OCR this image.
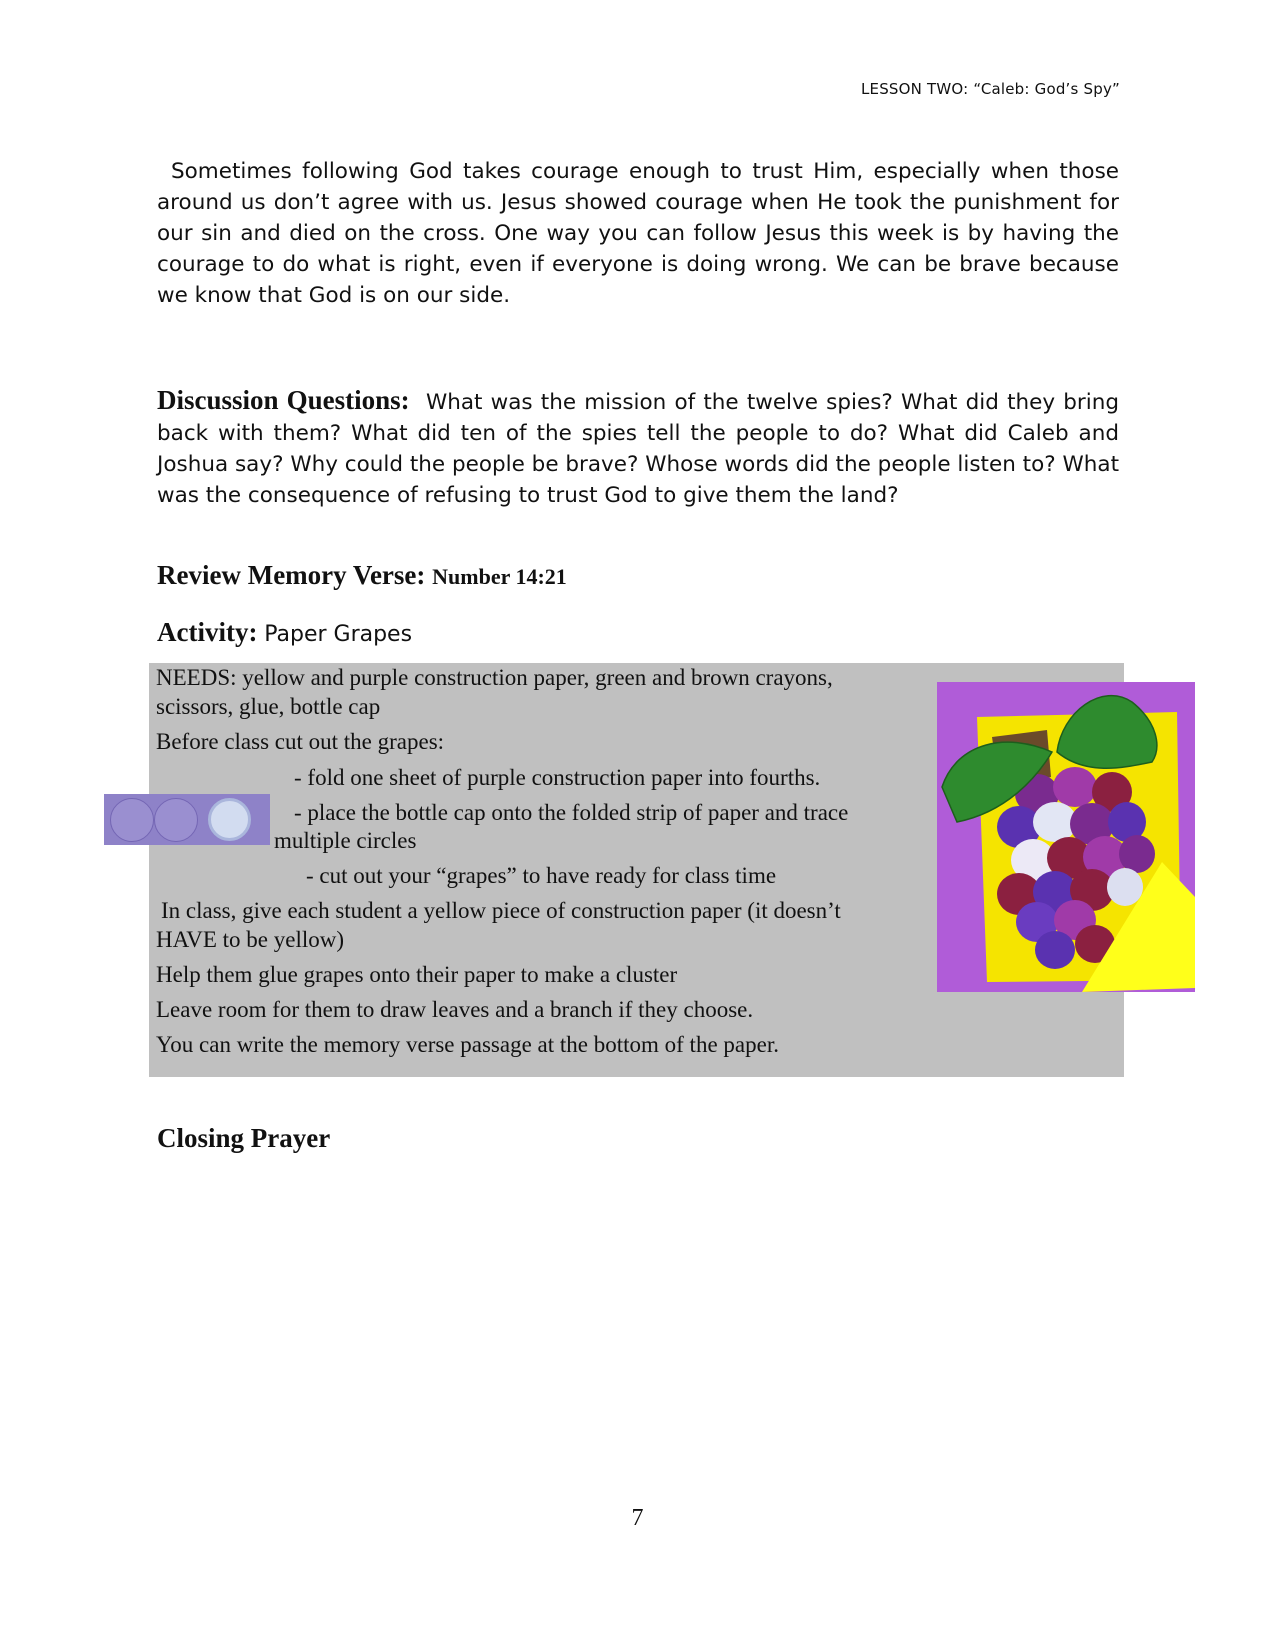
LESSON TWO: “Caleb: God’s Spy”
Sometimes following God takes courage enough to trust Him, especially when those around us don’t agree with us. Jesus showed courage when He took the punishment for our sin and died on the cross. One way you can follow Jesus this week is by having the courage to do what is right, even if everyone is doing wrong. We can be brave because we know that God is on our side.
Discussion Questions: What was the mission of the twelve spies? What did they bring back with them? What did ten of the spies tell the people to do? What did Caleb and Joshua say? Why could the people be brave? Whose words did the people listen to? What was the consequence of refusing to trust God to give them the land?
Review Memory Verse: Number 14:21
Activity: Paper Grapes
NEEDS: yellow and purple construction paper, green and brown crayons,
scissors, glue, bottle cap
Before class cut out the grapes:
- fold one sheet of purple construction paper into fourths.
- place the bottle cap onto the folded strip of paper and trace
multiple circles
- cut out your “grapes” to have ready for class time
In class, give each student a yellow piece of construction paper (it doesn’t
HAVE to be yellow)
Help them glue grapes onto their paper to make a cluster
Leave room for them to draw leaves and a branch if they choose.
You can write the memory verse passage at the bottom of the paper.
Closing Prayer
7
